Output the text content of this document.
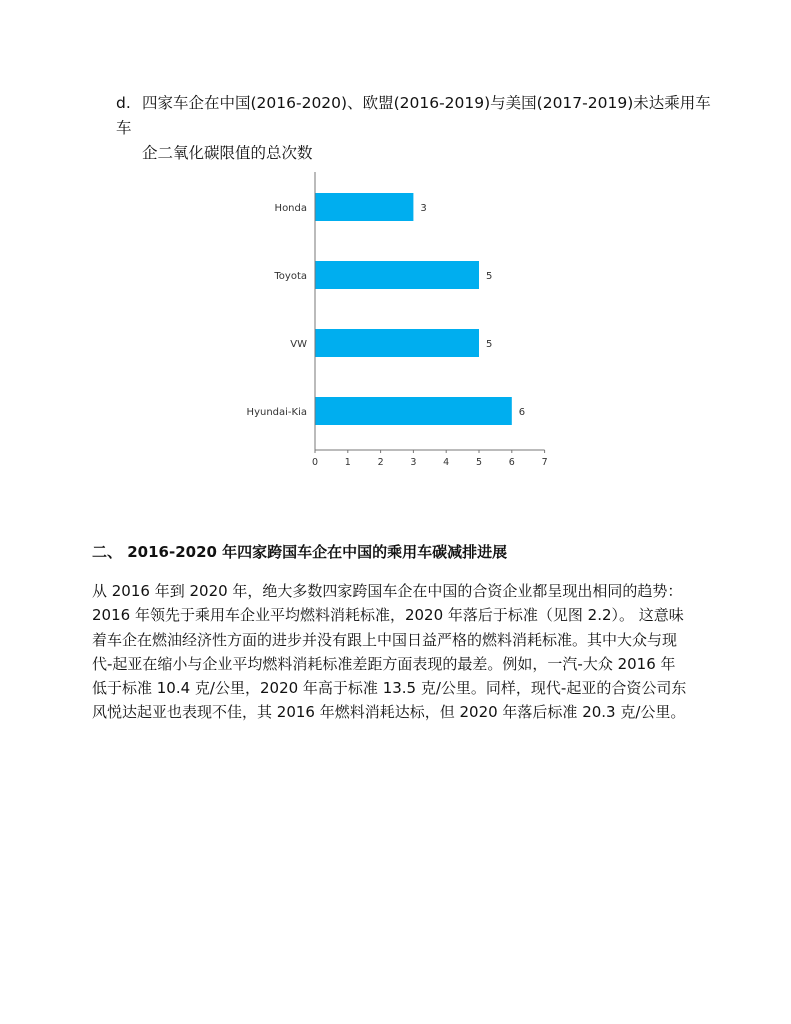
d. 四家车企在中国(2016-2020)、欧盟(2016-2019)与美国(2017-2019)未达乘用车车
企二氧化碳限值的总次数
Honda	3
Toyota	5
VW	5
Hyundai-Kia	6
0	1	2	3	4	5	6	7
二、 2016-2020 年四家跨国车企在中国的乘用车碳减排进展
从 2016 年到 2020 年，绝大多数四家跨国车企在中国的合资企业都呈现出相同的趋势：
2016 年领先于乘用车企业平均燃料消耗标准，2020 年落后于标准（见图 2.2）。 这意味
着车企在燃油经济性方面的进步并没有跟上中国日益严格的燃料消耗标准。其中大众与现
代-起亚在缩小与企业平均燃料消耗标准差距方面表现的最差。例如，一汽-大众 2016 年
低于标准 10.4 克/公里，2020 年高于标准 13.5 克/公里。同样，现代-起亚的合资公司东
风悦达起亚也表现不佳，其 2016 年燃料消耗达标，但 2020 年落后标准 20.3 克/公里。
